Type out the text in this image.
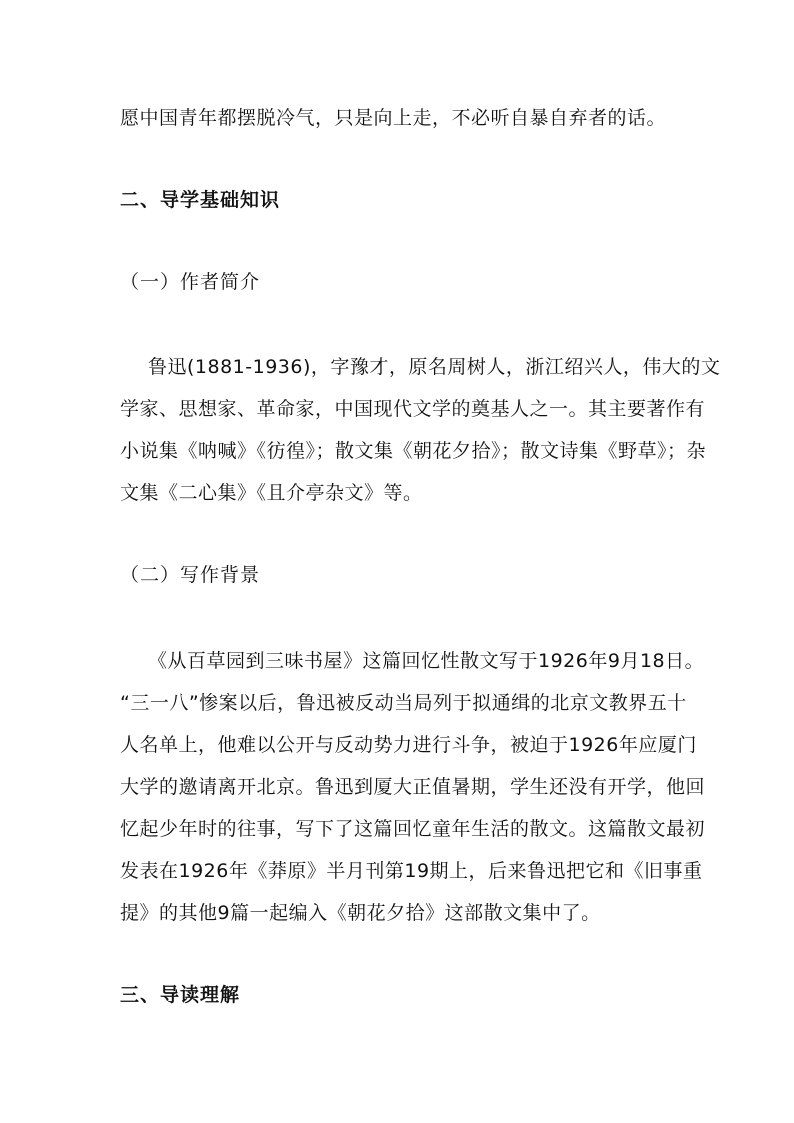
愿中国青年都摆脱冷气，只是向上走，不必听自暴自弃者的话。
二、导学基础知识
（一）作者简介
鲁迅(1881-1936)，字豫才，原名周树人，浙江绍兴人，伟大的文
学家、思想家、革命家，中国现代文学的奠基人之一。其主要著作有
小说集《呐喊》《彷徨》；散文集《朝花夕拾》；散文诗集《野草》；杂
文集《二心集》《且介亭杂文》等。
（二）写作背景
《从百草园到三味书屋》这篇回忆性散文写于1926年9月18日。
“三一八”惨案以后，鲁迅被反动当局列于拟通缉的北京文教界五十
人名单上，他难以公开与反动势力进行斗争，被迫于1926年应厦门
大学的邀请离开北京。鲁迅到厦大正值暑期，学生还没有开学，他回
忆起少年时的往事，写下了这篇回忆童年生活的散文。这篇散文最初
发表在1926年《莽原》半月刊第19期上，后来鲁迅把它和《旧事重
提》的其他9篇一起编入《朝花夕拾》这部散文集中了。
三、导读理解
